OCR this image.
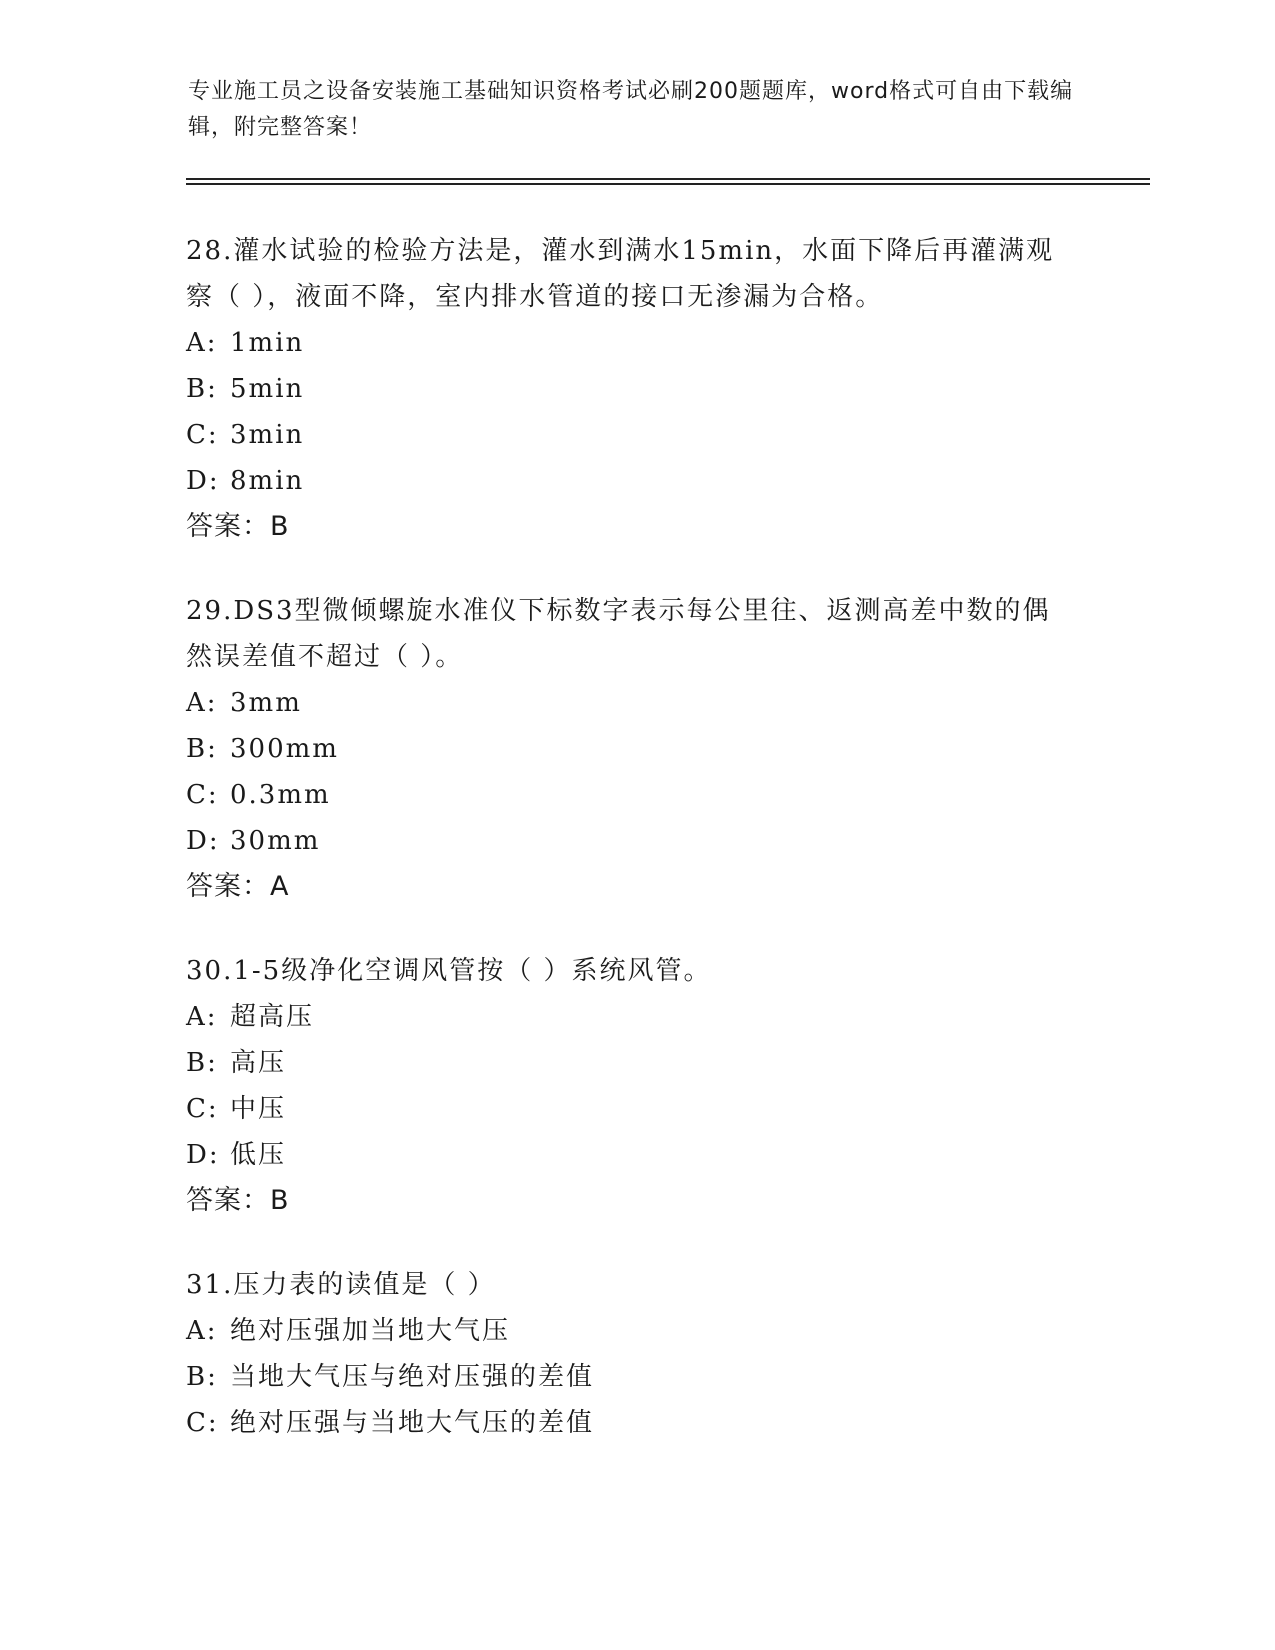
专业施工员之设备安装施工基础知识资格考试必刷200题题库，word格式可自由下载编辑，附完整答案！

28.灌水试验的检验方法是，灌水到满水15min，水面下降后再灌满观察（ ），液面不降，室内排水管道的接口无渗漏为合格。

A: 1min
B: 5min
C: 3min
D: 8min
答案：B

29.DS3型微倾螺旋水准仪下标数字表示每公里往、返测高差中数的偶然误差值不超过（ ）。

A: 3mm
B: 300mm
C: 0.3mm
D: 30mm
答案：A

30.1-5级净化空调风管按（ ）系统风管。

A: 超高压
B: 高压
C: 中压
D: 低压
答案：B

31.压力表的读值是（ ）

A: 绝对压强加当地大气压
B: 当地大气压与绝对压强的差值
C: 绝对压强与当地大气压的差值
